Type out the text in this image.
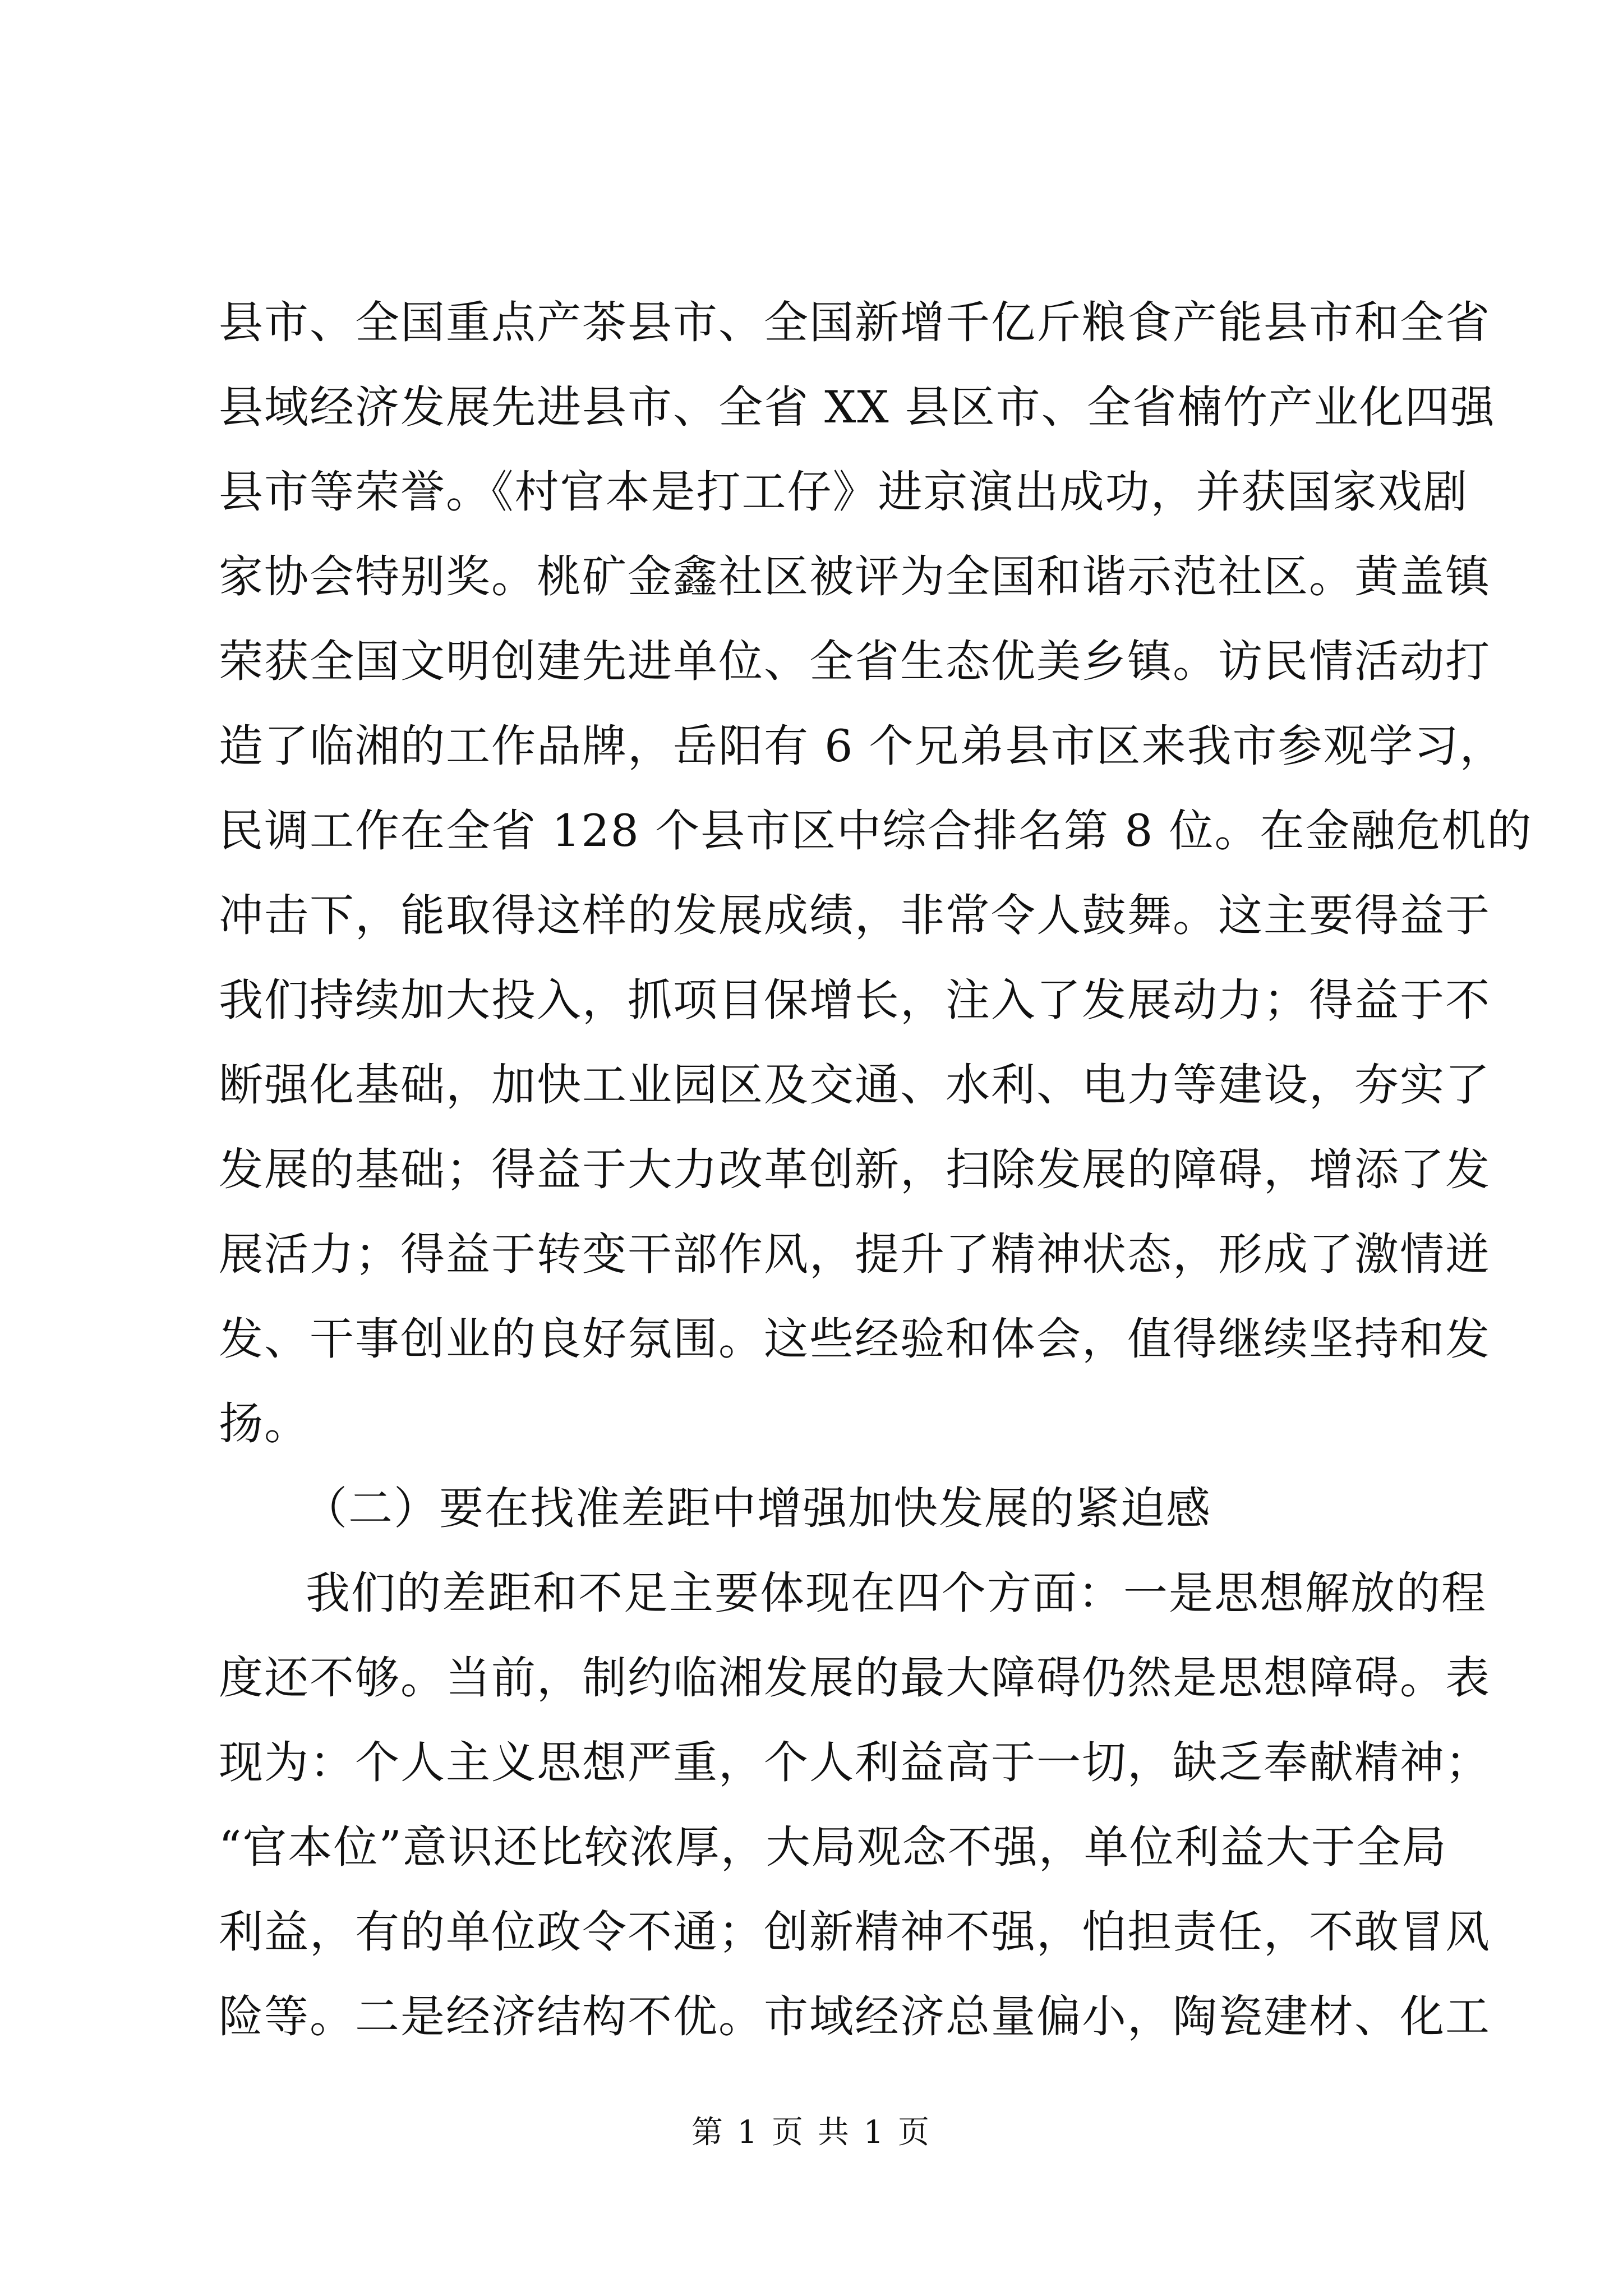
县市、全国重点产茶县市、全国新增千亿斤粮食产能县市和全省
县域经济发展先进县市、全省 XX 县区市、全省楠竹产业化四强
县市等荣誉。《村官本是打工仔》进京演出成功，并获国家戏剧
家协会特别奖。桃矿金鑫社区被评为全国和谐示范社区。黄盖镇
荣获全国文明创建先进单位、全省生态优美乡镇。访民情活动打
造了临湘的工作品牌，岳阳有 6 个兄弟县市区来我市参观学习，
民调工作在全省 128 个县市区中综合排名第 8 位。在金融危机的
冲击下，能取得这样的发展成绩，非常令人鼓舞。这主要得益于
我们持续加大投入，抓项目保增长，注入了发展动力；得益于不
断强化基础，加快工业园区及交通、水利、电力等建设，夯实了
发展的基础；得益于大力改革创新，扫除发展的障碍，增添了发
展活力；得益于转变干部作风，提升了精神状态，形成了激情迸
发、干事创业的良好氛围。这些经验和体会，值得继续坚持和发
扬。
（二）要在找准差距中增强加快发展的紧迫感
我们的差距和不足主要体现在四个方面：一是思想解放的程
度还不够。当前，制约临湘发展的最大障碍仍然是思想障碍。表
现为：个人主义思想严重，个人利益高于一切，缺乏奉献精神；
“官本位”意识还比较浓厚，大局观念不强，单位利益大于全局
利益，有的单位政令不通；创新精神不强，怕担责任，不敢冒风
险等。二是经济结构不优。市域经济总量偏小，陶瓷建材、化工
第 1 页 共 1 页
